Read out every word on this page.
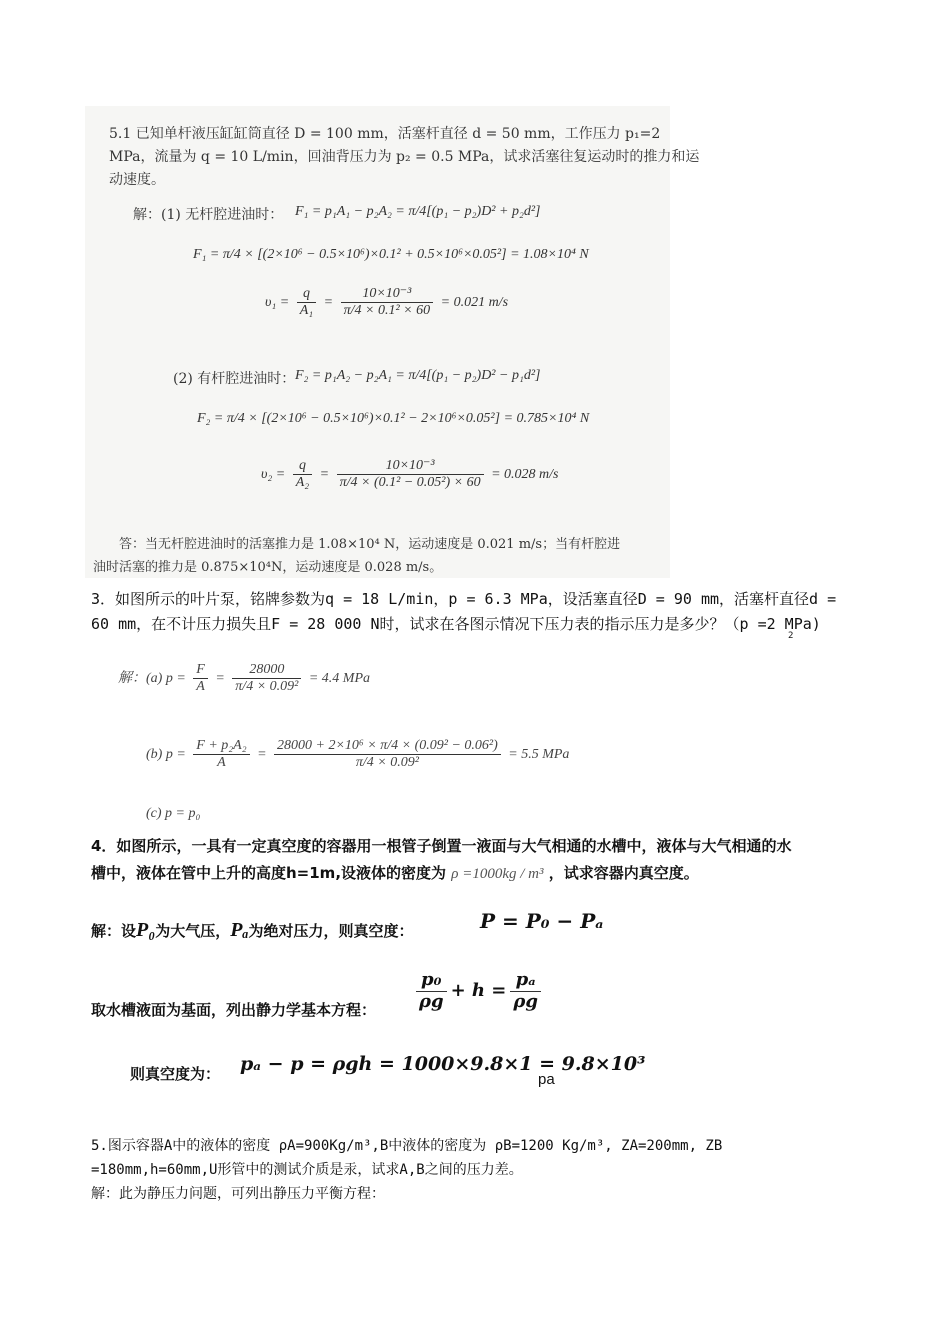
5.1 已知单杆液压缸缸筒直径 D = 100 mm，活塞杆直径 d = 50 mm，工作压力 p₁=2
MPa，流量为 q = 10 L/min，回油背压力为 p₂ = 0.5 MPa，试求活塞往复运动时的推力和运
动速度。
解：(1) 无杆腔进油时： F₁ = p₁A₁ − p₂A₂ = π/4[(p₁ − p₂)D² + p₂d²]
F₁ = π/4 × [(2×10⁶ − 0.5×10⁶)×0.1² + 0.5×10⁶×0.05²] = 1.08×10⁴ N
$\upsilon_1 = \frac{q}{\text{A₁}} = \frac{\text{10×10⁻³}}{\text{π/4 × 0.1² × 60}} = 0.021$ m/s
(2) 有杆腔进油时： F₂ = p₁A₂ − p₂A₁ = π/4[(p₁ − p₂)D² − p₁d²]
F₂ = π/4 × [(2×10⁶ − 0.5×10⁶)×0.1² − 2×10⁶×0.05²] = 0.785×10⁴ N
$\upsilon_2 = \frac{q}{\text{A₂}} = \frac{\text{10×10⁻³}}{\text{π/4 × (0.1² − 0.05²) × 60}} = 0.028$ m/s
答：当无杆腔进油时的活塞推力是 1.08×10⁴ N，运动速度是 0.021 m/s；当有杆腔进
油时活塞的推力是 0.875×10⁴N，运动速度是 0.028 m/s。
3．如图所示的叶片泵，铭牌参数为q = 18 L/min，p = 6.3 MPa，设活塞直径D = 90 mm，活塞杆直径d =
60 mm，在不计压力损失且F = 28 000 N时，试求在各图示情况下压力表的指示压力是多少？（p =2 MPa)
2
解：(a) $p = \frac{F}{A} = \frac{28000}{\text{π/4 × 0.09²}} = 4.4$ MPa
(b) $p = \frac{\text{F + p₂A₂}}{A} = \frac{\text{28000 + 2×10⁶ × π/4 × (0.09² − 0.06²)}}{\text{π/4 × 0.09²}} = 5.5$ MPa
(c) p = p₀
4．如图所示，一具有一定真空度的容器用一根管子倒置一液面与大气相通的水槽中，液体与大气相通的水
槽中，液体在管中上升的高度h=1m,设液体的密度为 ρ =1000kg / m³ ，试求容器内真空度。
解：设P₀为大气压，Pₐ为绝对压力，则真空度：	P = P₀ − Pₐ
取水槽液面为基面，列出静力学基本方程： $\frac{\text{p₀}}{\rho g} + h = \frac{\text{pₐ}}{\rho g}$
则真空度为： pₐ − p = ρgh = 1000×9.8×1 = 9.8×10³
pa
5.图示容器A中的液体的密度 ρA=900Kg/m³,B中液体的密度为 ρB=1200 Kg/m³, ZA=200mm, ZB
=180mm,h=60mm,U形管中的测试介质是汞，试求A,B之间的压力差。
解：此为静压力问题，可列出静压力平衡方程：
